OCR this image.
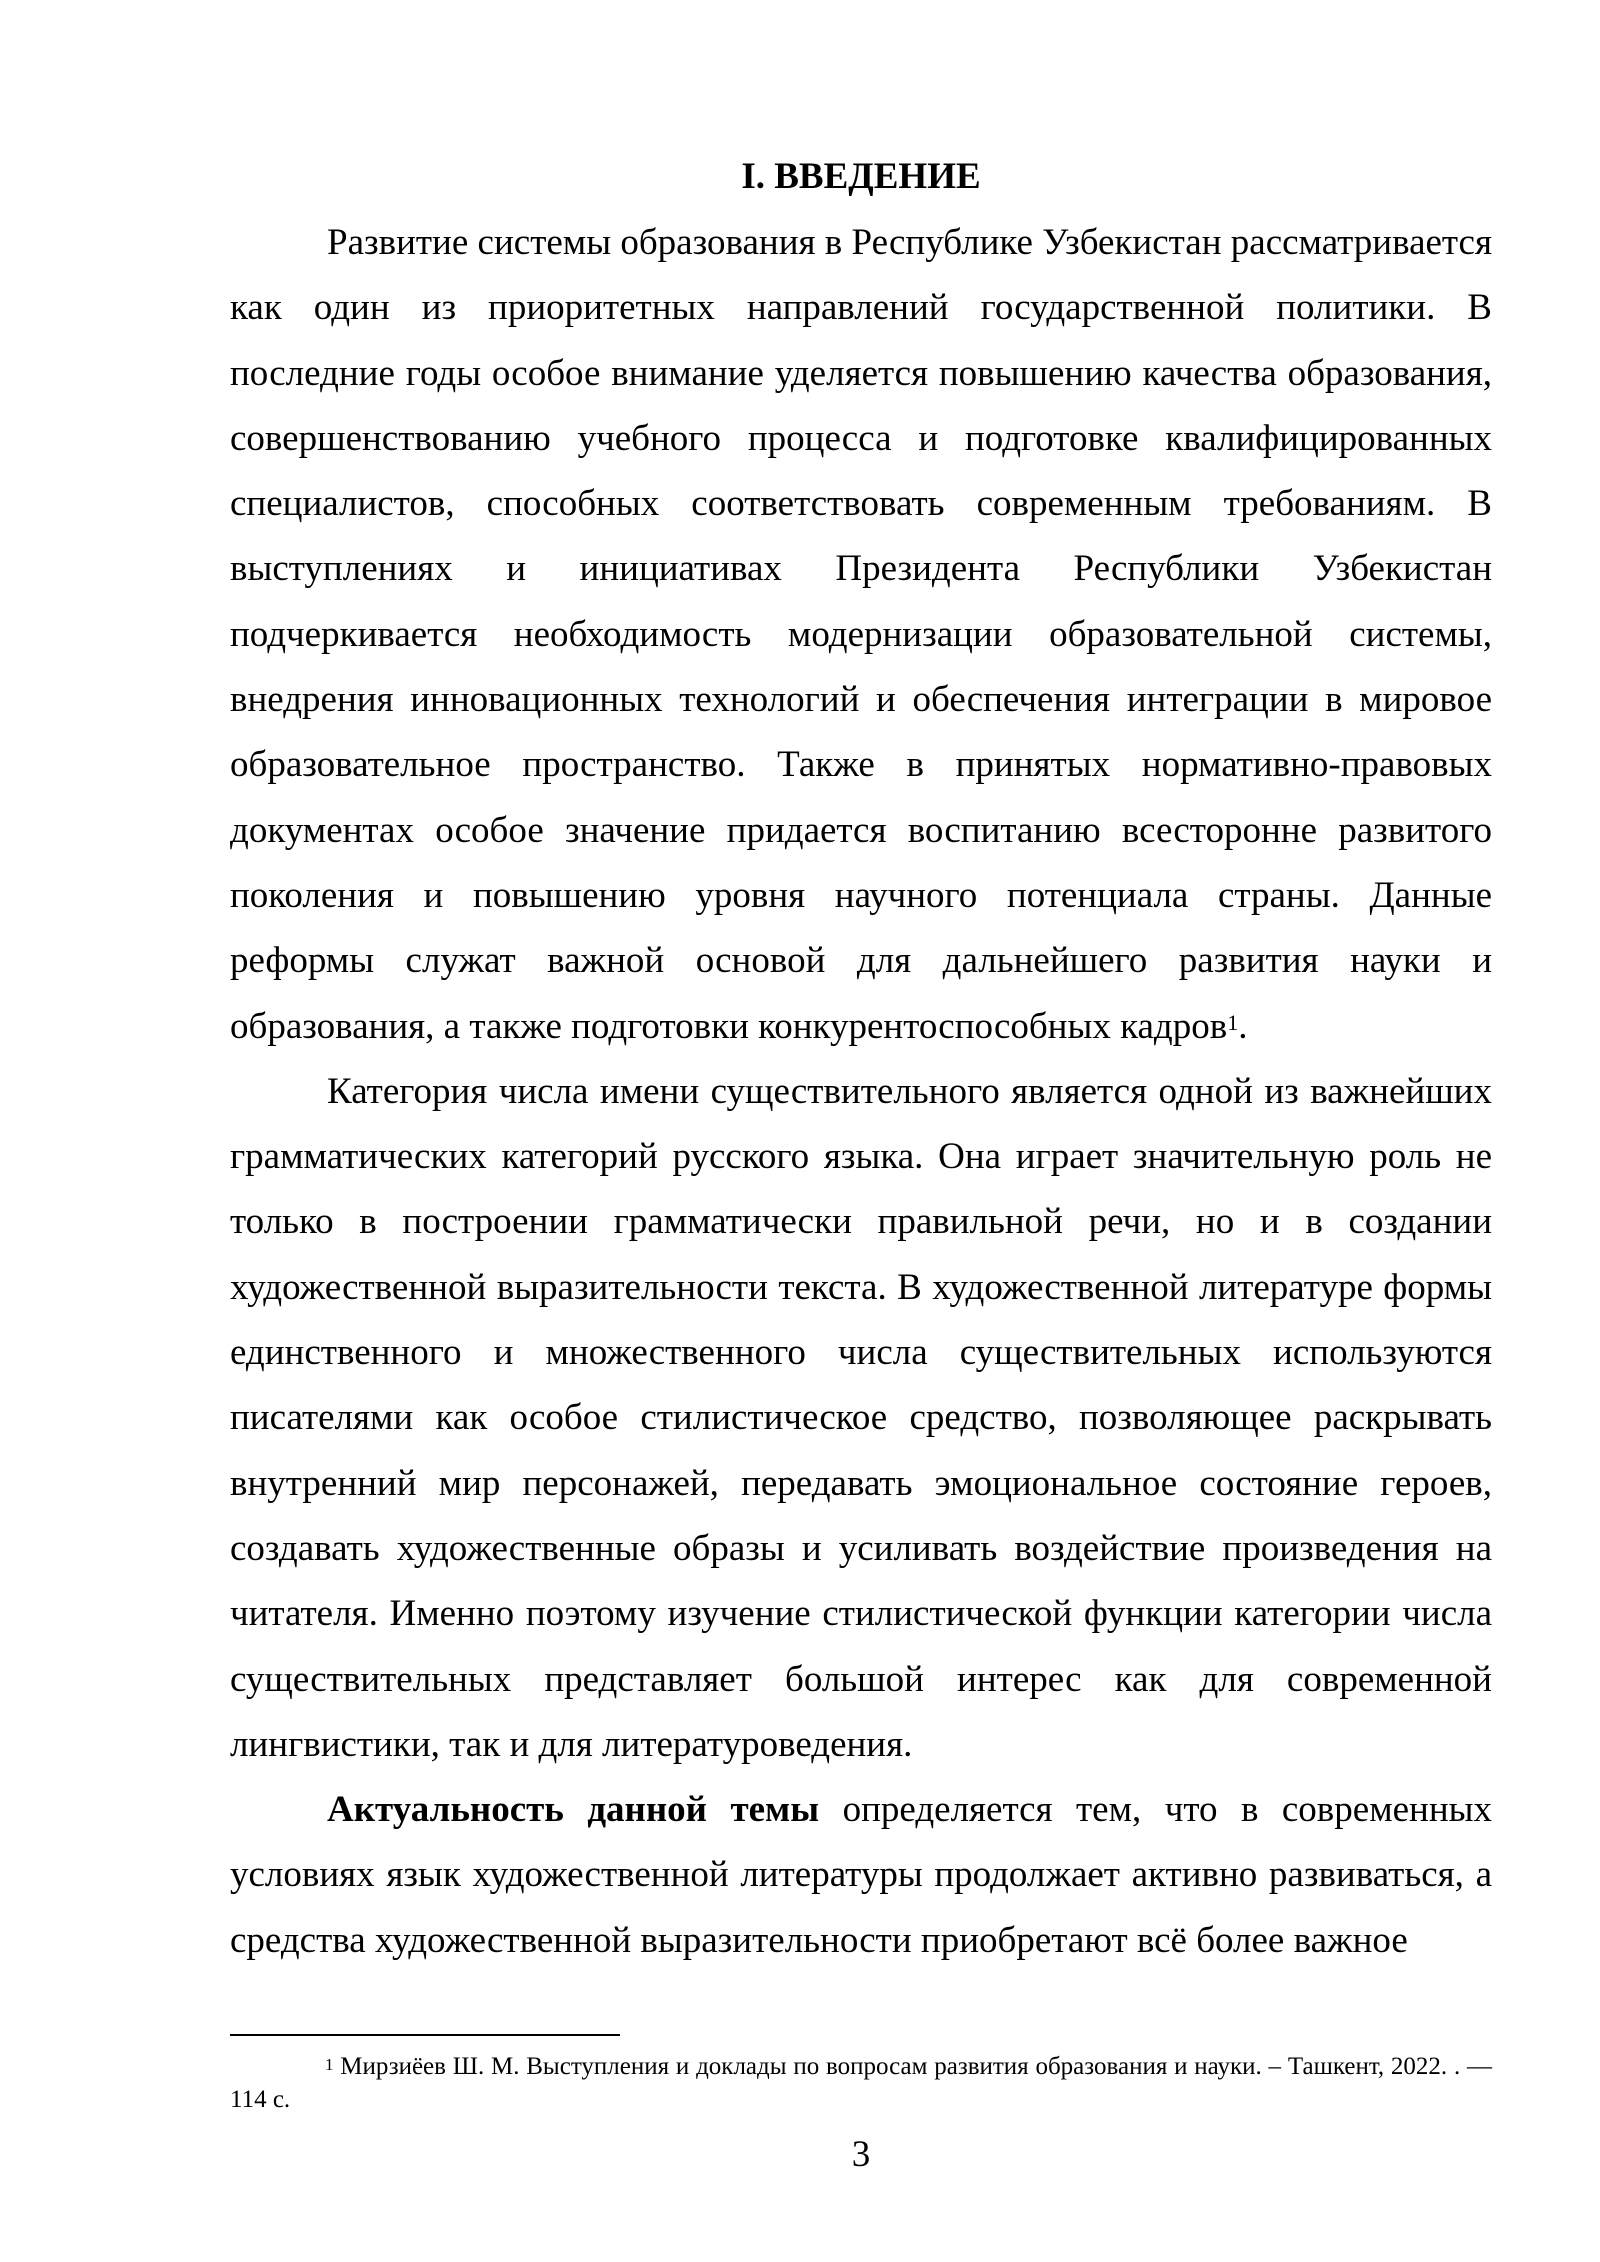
I. ВВЕДЕНИЕ

Развитие системы образования в Республике Узбекистан рассматривается как один из приоритетных направлений государственной политики. В последние годы особое внимание уделяется повышению качества образования, совершенствованию учебного процесса и подготовке квалифицированных специалистов, способных соответствовать современным требованиям. В выступлениях и инициативах Президента Республики Узбекистан подчеркивается необходимость модернизации образовательной системы, внедрения инновационных технологий и обеспечения интеграции в мировое образовательное пространство. Также в принятых нормативно-правовых документах особое значение придается воспитанию всесторонне развитого поколения и повышению уровня научного потенциала страны. Данные реформы служат важной основой для дальнейшего развития науки и образования, а также подготовки конкурентоспособных кадров$^1$.

Категория числа имени существительного является одной из важнейших грамматических категорий русского языка. Она играет значительную роль не только в построении грамматически правильной речи, но и в создании художественной выразительности текста. В художественной литературе формы единственного и множественного числа существительных используются писателями как особое стилистическое средство, позволяющее раскрывать внутренний мир персонажей, передавать эмоциональное состояние героев, создавать художественные образы и усиливать воздействие произведения на читателя. Именно поэтому изучение стилистической функции категории числа существительных представляет большой интерес как для современной лингвистики, так и для литературоведения.

Актуальность данной темы определяется тем, что в современных условиях язык художественной литературы продолжает активно развиваться, а средства художественной выразительности приобретают всё более важное

$^1$ Мирзиёев Ш. М. Выступления и доклады по вопросам развития образования и науки. – Ташкент, 2022. . — 114 с.

3
